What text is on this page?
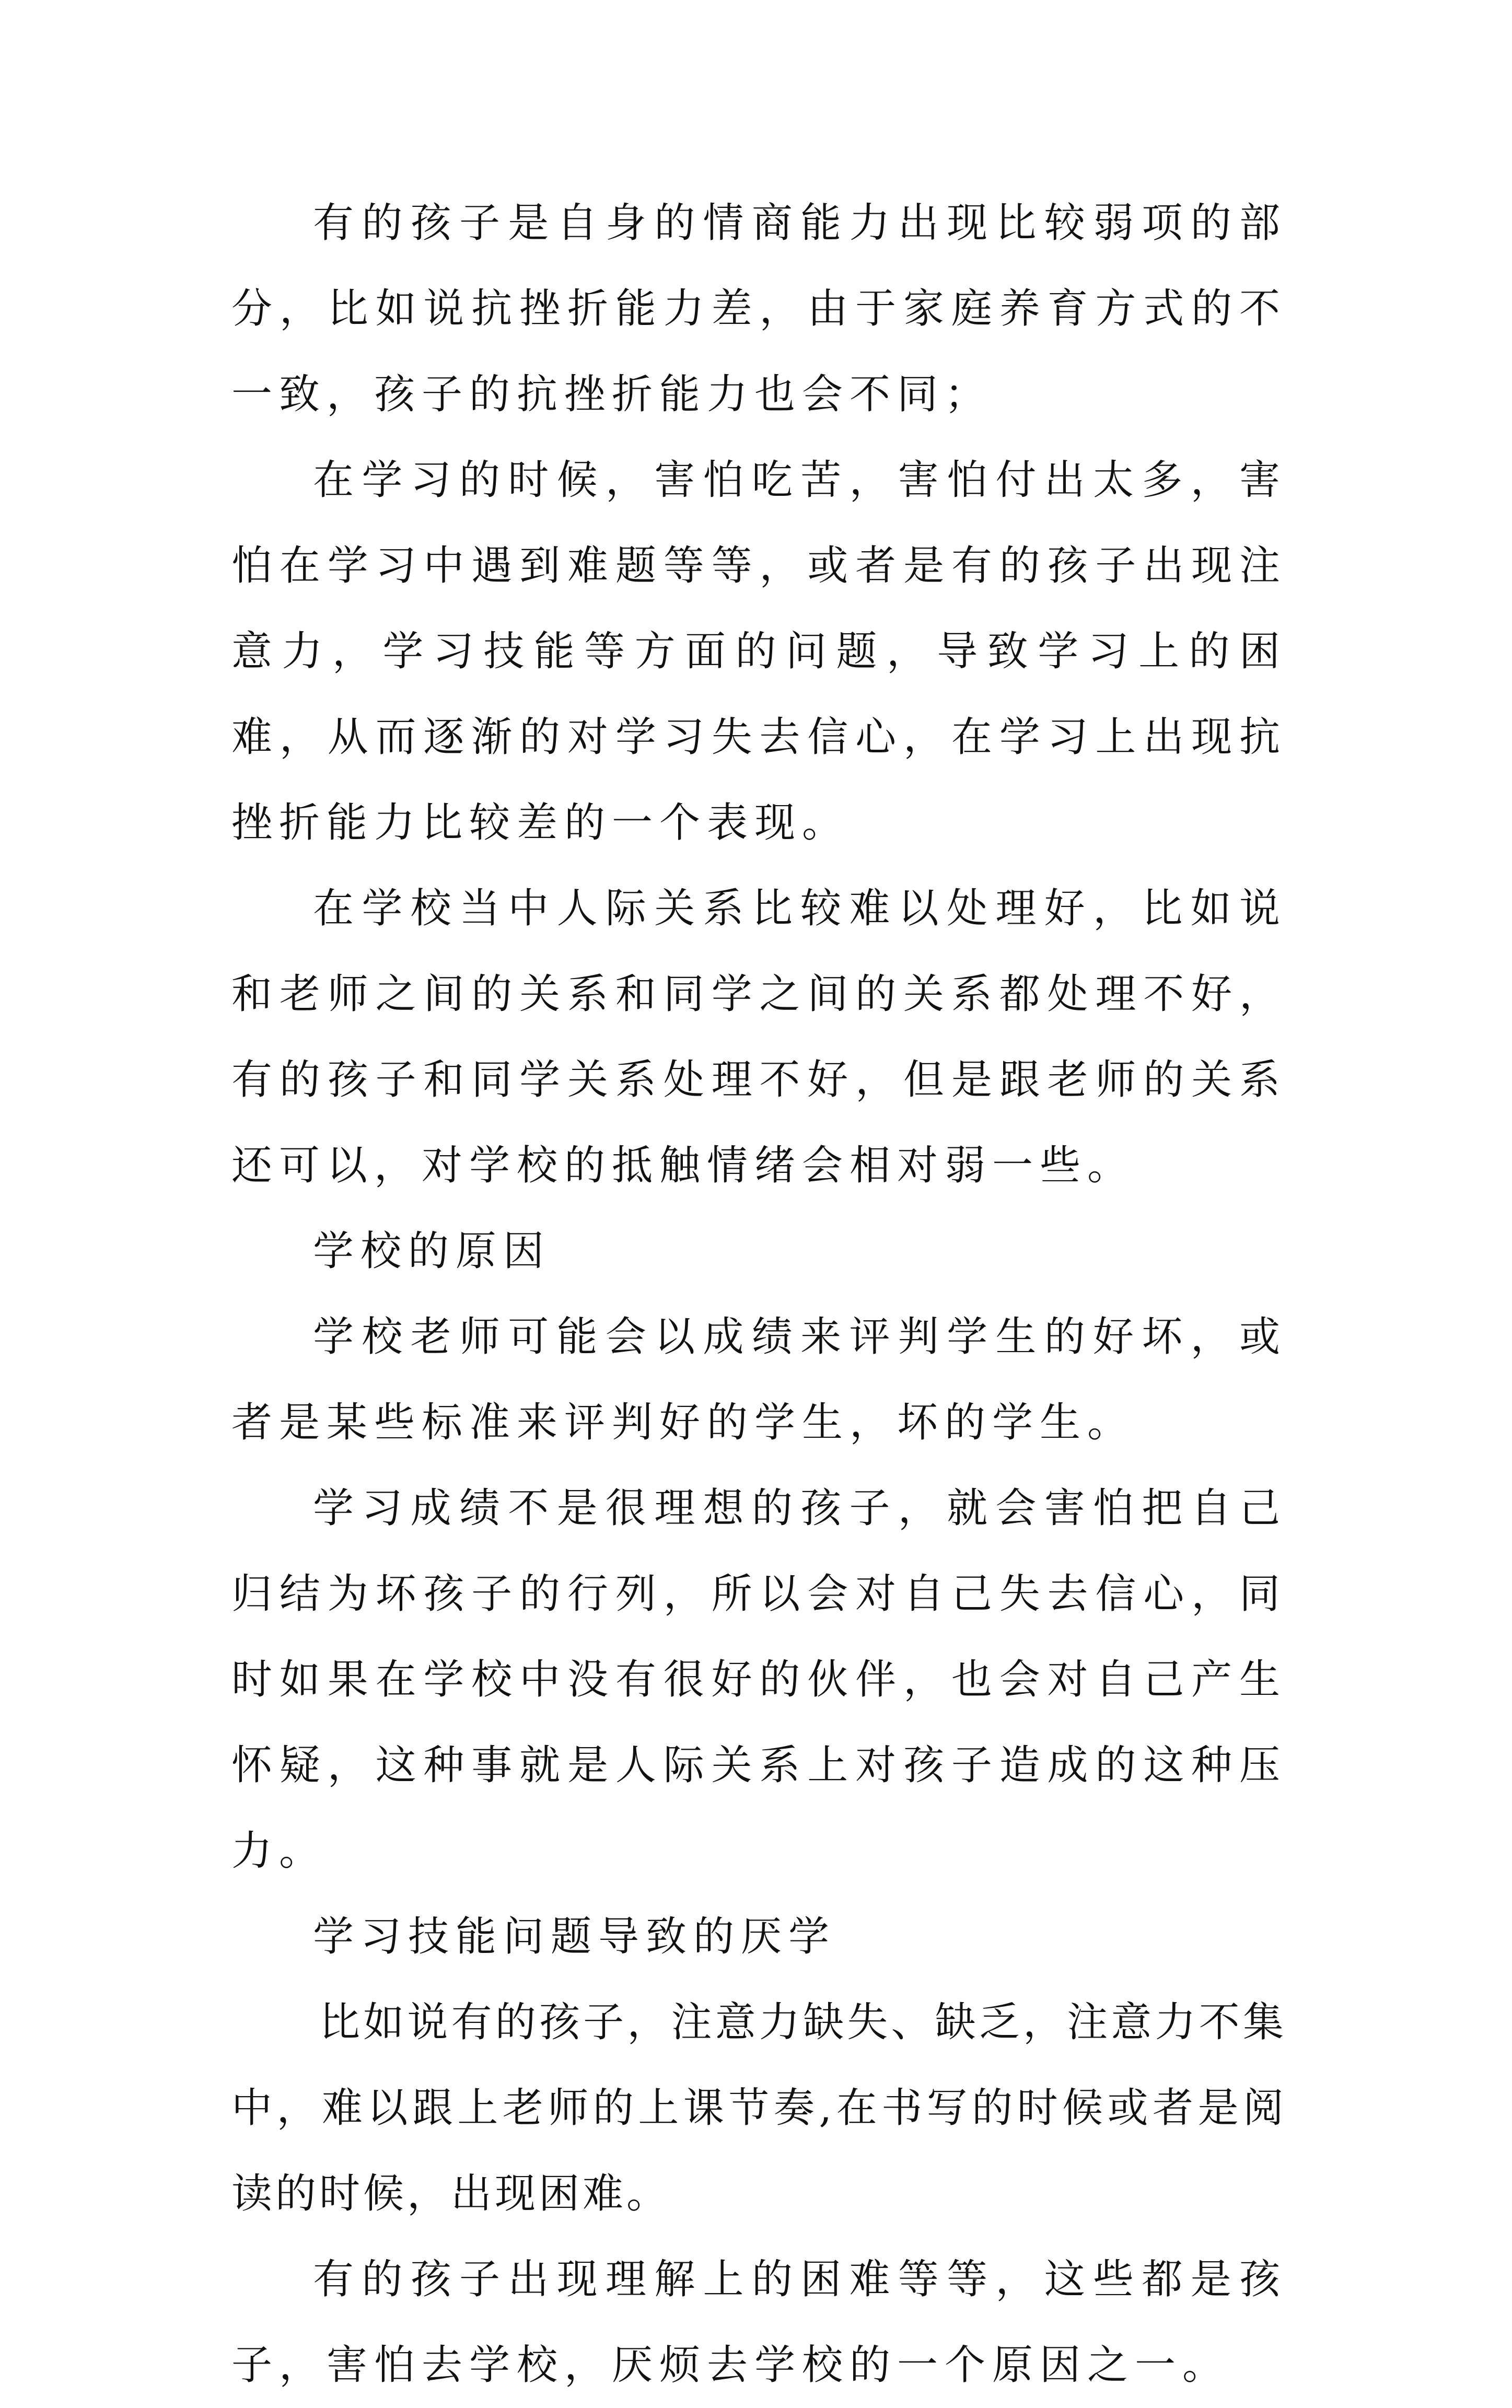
有的孩子是自身的情商能力出现比较弱项的部分，比如说抗挫折能力差，由于家庭养育方式的不一致，孩子的抗挫折能力也会不同；

在学习的时候，害怕吃苦，害怕付出太多，害怕在学习中遇到难题等等，或者是有的孩子出现注意力，学习技能等方面的问题，导致学习上的困难，从而逐渐的对学习失去信心，在学习上出现抗挫折能力比较差的一个表现。

在学校当中人际关系比较难以处理好，比如说和老师之间的关系和同学之间的关系都处理不好，有的孩子和同学关系处理不好，但是跟老师的关系还可以，对学校的抵触情绪会相对弱一些。

学校的原因

学校老师可能会以成绩来评判学生的好坏，或者是某些标准来评判好的学生，坏的学生。

学习成绩不是很理想的孩子，就会害怕把自己归结为坏孩子的行列，所以会对自己失去信心，同时如果在学校中没有很好的伙伴，也会对自己产生怀疑，这种事就是人际关系上对孩子造成的这种压力。

学习技能问题导致的厌学

比如说有的孩子，注意力缺失、缺乏，注意力不集中，难以跟上老师的上课节奏,在书写的时候或者是阅读的时候，出现困难。

有的孩子出现理解上的困难等等，这些都是孩子，害怕去学校，厌烦去学校的一个原因之一。
